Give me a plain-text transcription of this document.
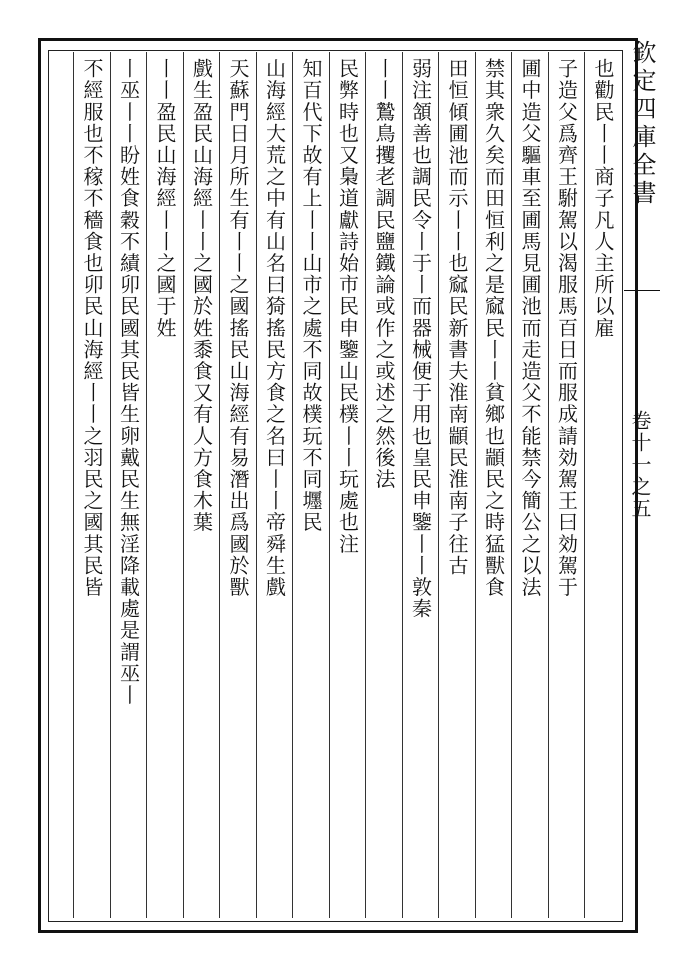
欽定四庫全書
卷十一之五
也勸民丨丨商子凡人主所以雇
子造父爲齊王駙駕以渴服馬百日而服成請効駕王曰効駕于
圃中造父驅車至圃馬見圃池而走造父不能禁今簡公之以法
禁其衆久矣而田恒利之是窳民丨丨貧鄉也顓民之時猛獸食
田恒傾圃池而示丨丨也窳民新書夫淮南顓民淮南子往古
弱注頷善也調民令丨于丨而器械便于用也皇民申鑒丨丨敦秦
丨丨鷙鳥攫老調民鹽鐵論或作之或述之然後法
民弊時也又梟道獻詩始市民申鑒山民樸丨丨玩處也注
知百代下故有上丨丨山市之處不同故樸玩不同壥民
山海經大荒之中有山名曰猗搖民方食之名曰丨丨帝舜生戲
天蘇門日月所生有丨丨之國搖民山海經有易潛出爲國於獸
戲生盈民山海經丨丨之國於姓黍食又有人方食木葉
丨丨盈民山海經丨丨之國于姓
丨巫丨丨盼姓食穀不績卯民國其民皆生卵戴民生無淫降載處是謂巫丨
不經服也不稼不穡食也卯民山海經丨丨之羽民之國其民皆
